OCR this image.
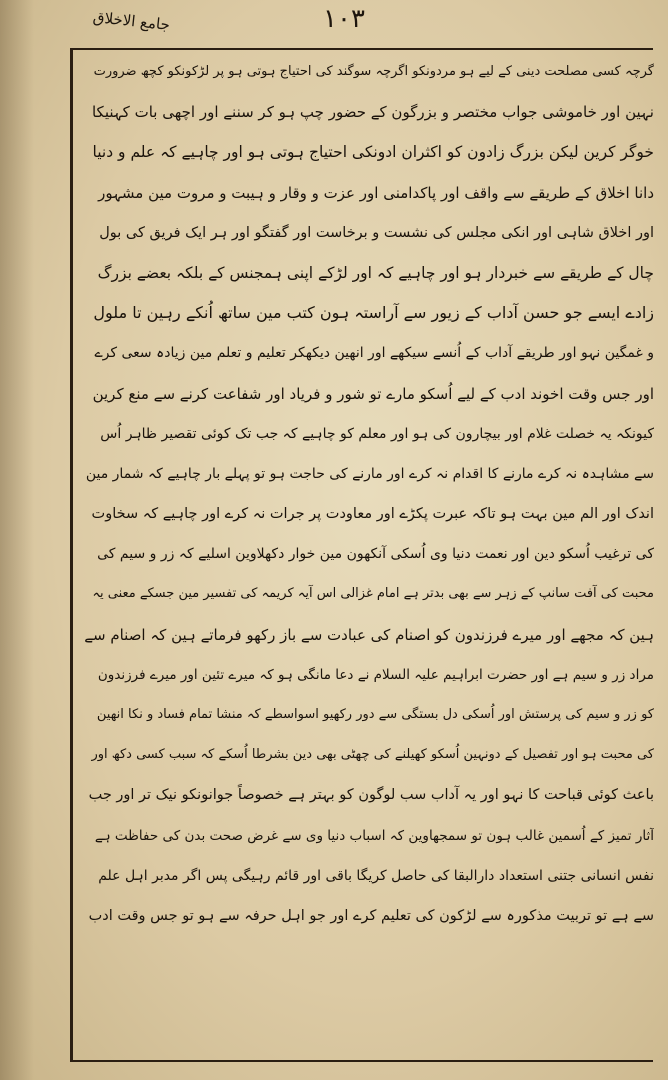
جامع الاخلاق	۱۰۳
گرچہ کسی مصلحت دینی کے لیے ہو مردونکو اگرچہ سوگند کی احتیاج ہوتی ہو پر لڑکونکو کچھ ضرورت
نہین اور خاموشی جواب مختصر و بزرگون کے حضور چپ ہو کر سننے اور اچھی بات کہنیکا
خوگر کرین لیکن بزرگ زادون کو اکثران ادونکی احتیاج ہوتی ہو اور چاہیے کہ علم و دنیا
دانا اخلاق کے طریقے سے واقف اور پاکدامنی اور عزت و وقار و ہیبت و مروت مین مشہور
اور اخلاق شاہی اور انکی مجلس کی نشست و برخاست اور گفتگو اور ہر ایک فریق کی بول
چال کے طریقے سے خبردار ہو اور چاہیے کہ اور لڑکے اپنی ہمجنس کے بلکہ بعضے بزرگ
زادے ایسے جو حسن آداب کے زیور سے آراستہ ہون کتب مین ساتھ اُنکے رہین تا ملول
و غمگین نہو اور طریقے آداب کے اُنسے سیکھے اور انھین دیکھکر تعلیم و تعلم مین زیادہ سعی کرے
اور جس وقت اخوند ادب کے لیے اُسکو مارے تو شور و فریاد اور شفاعت کرنے سے منع کرین
کیونکہ یہ خصلت غلام اور بیچارون کی ہو اور معلم کو چاہیے کہ جب تک کوئی تقصیر ظاہر اُس
سے مشاہدہ نہ کرے مارنے کا اقدام نہ کرے اور مارنے کی حاجت ہو تو پہلے بار چاہیے کہ شمار مین
اندک اور الم مین بہت ہو تاکہ عبرت پکڑے اور معاودت پر جرات نہ کرے اور چاہیے کہ سخاوت
کی ترغیب اُسکو دین اور نعمت دنیا وی اُسکی آنکھون مین خوار دکھلاوین اسلیے کہ زر و سیم کی
محبت کی آفت سانپ کے زہر سے بھی بدتر ہے امام غزالی اس آیہ کریمہ کی تفسیر مین جسکے معنی یہ
ہین کہ مجھے اور میرے فرزندون کو اصنام کی عبادت سے باز رکھو فرماتے ہین کہ اصنام سے
مراد زر و سیم ہے اور حضرت ابراہیم علیہ السلام نے دعا مانگی ہو کہ میرے تئین اور میرے فرزندون
کو زر و سیم کی پرستش اور اُسکی دل بستگی سے دور رکھیو اسواسطے کہ منشا تمام فساد و نکا انھین
کی محبت ہو اور تفصیل کے دونہین اُسکو کھیلنے کی چھٹی بھی دین بشرطا اُسکے کہ سبب کسی دکھ اور
باعث کوئی قباحت کا نہو اور یہ آداب سب لوگون کو بہتر ہے خصوصاً جوانونکو نیک تر اور جب
آثار تمیز کے اُسمین غالب ہون تو سمجھاوین کہ اسباب دنیا وی سے غرض صحت بدن کی حفاظت ہے
نفس انسانی جتنی استعداد دارالبقا کی حاصل کریگا باقی اور قائم رہیگی پس اگر مدبر اہل علم
سے ہے تو تربیت مذکورہ سے لڑکون کی تعلیم کرے اور جو اہل حرفہ سے ہو تو جس وقت ادب
